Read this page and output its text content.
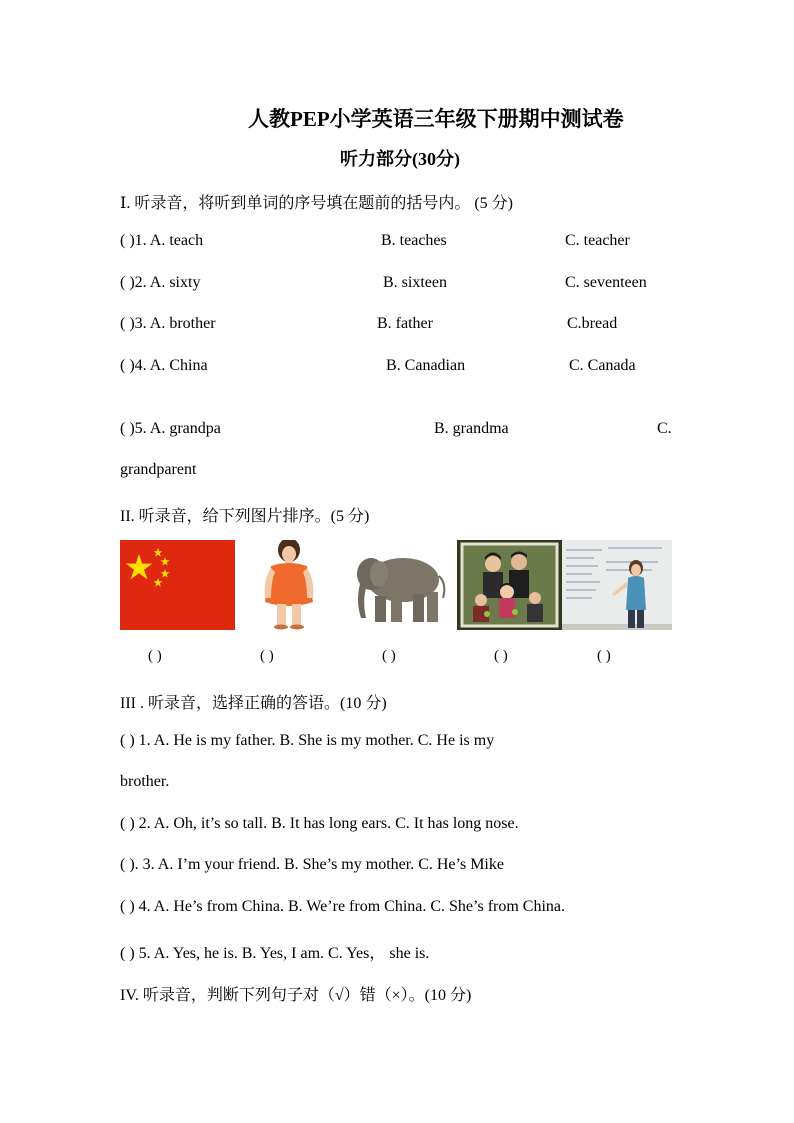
人教PEP小学英语三年级下册期中测试卷
听力部分(30分)
Ⅰ. 听录音，将听到单词的序号填在题前的括号内。 (5 分)
( )1. A. teach	B. teaches	C. teacher
( )2. A. sixty	B. sixteen	C. seventeen
( )3. A. brother	B. father	C.bread
( )4. A. China	B. Canadian	C. Canada
( )5. A. grandpa	B. grandma	C.
grandparent
II. 听录音，给下列图片排序。(5 分)
( )	( )	( )	( )	( )
III . 听录音，选择正确的答语。(10 分)
( ) 1. A. He is my father. B. She is my mother. C. He is my
brother.
( ) 2. A. Oh, it’s so tall. B. It has long ears. C. It has long nose.
( ). 3. A. I’m your friend. B. She’s my mother. C. He’s Mike
( ) 4. A. He’s from China. B. We’re from China. C. She’s from China.
( ) 5. A. Yes, he is. B. Yes, I am. C. Yes， she is.
IV. 听录音，判断下列句子对（√）错（×）。(10 分)
